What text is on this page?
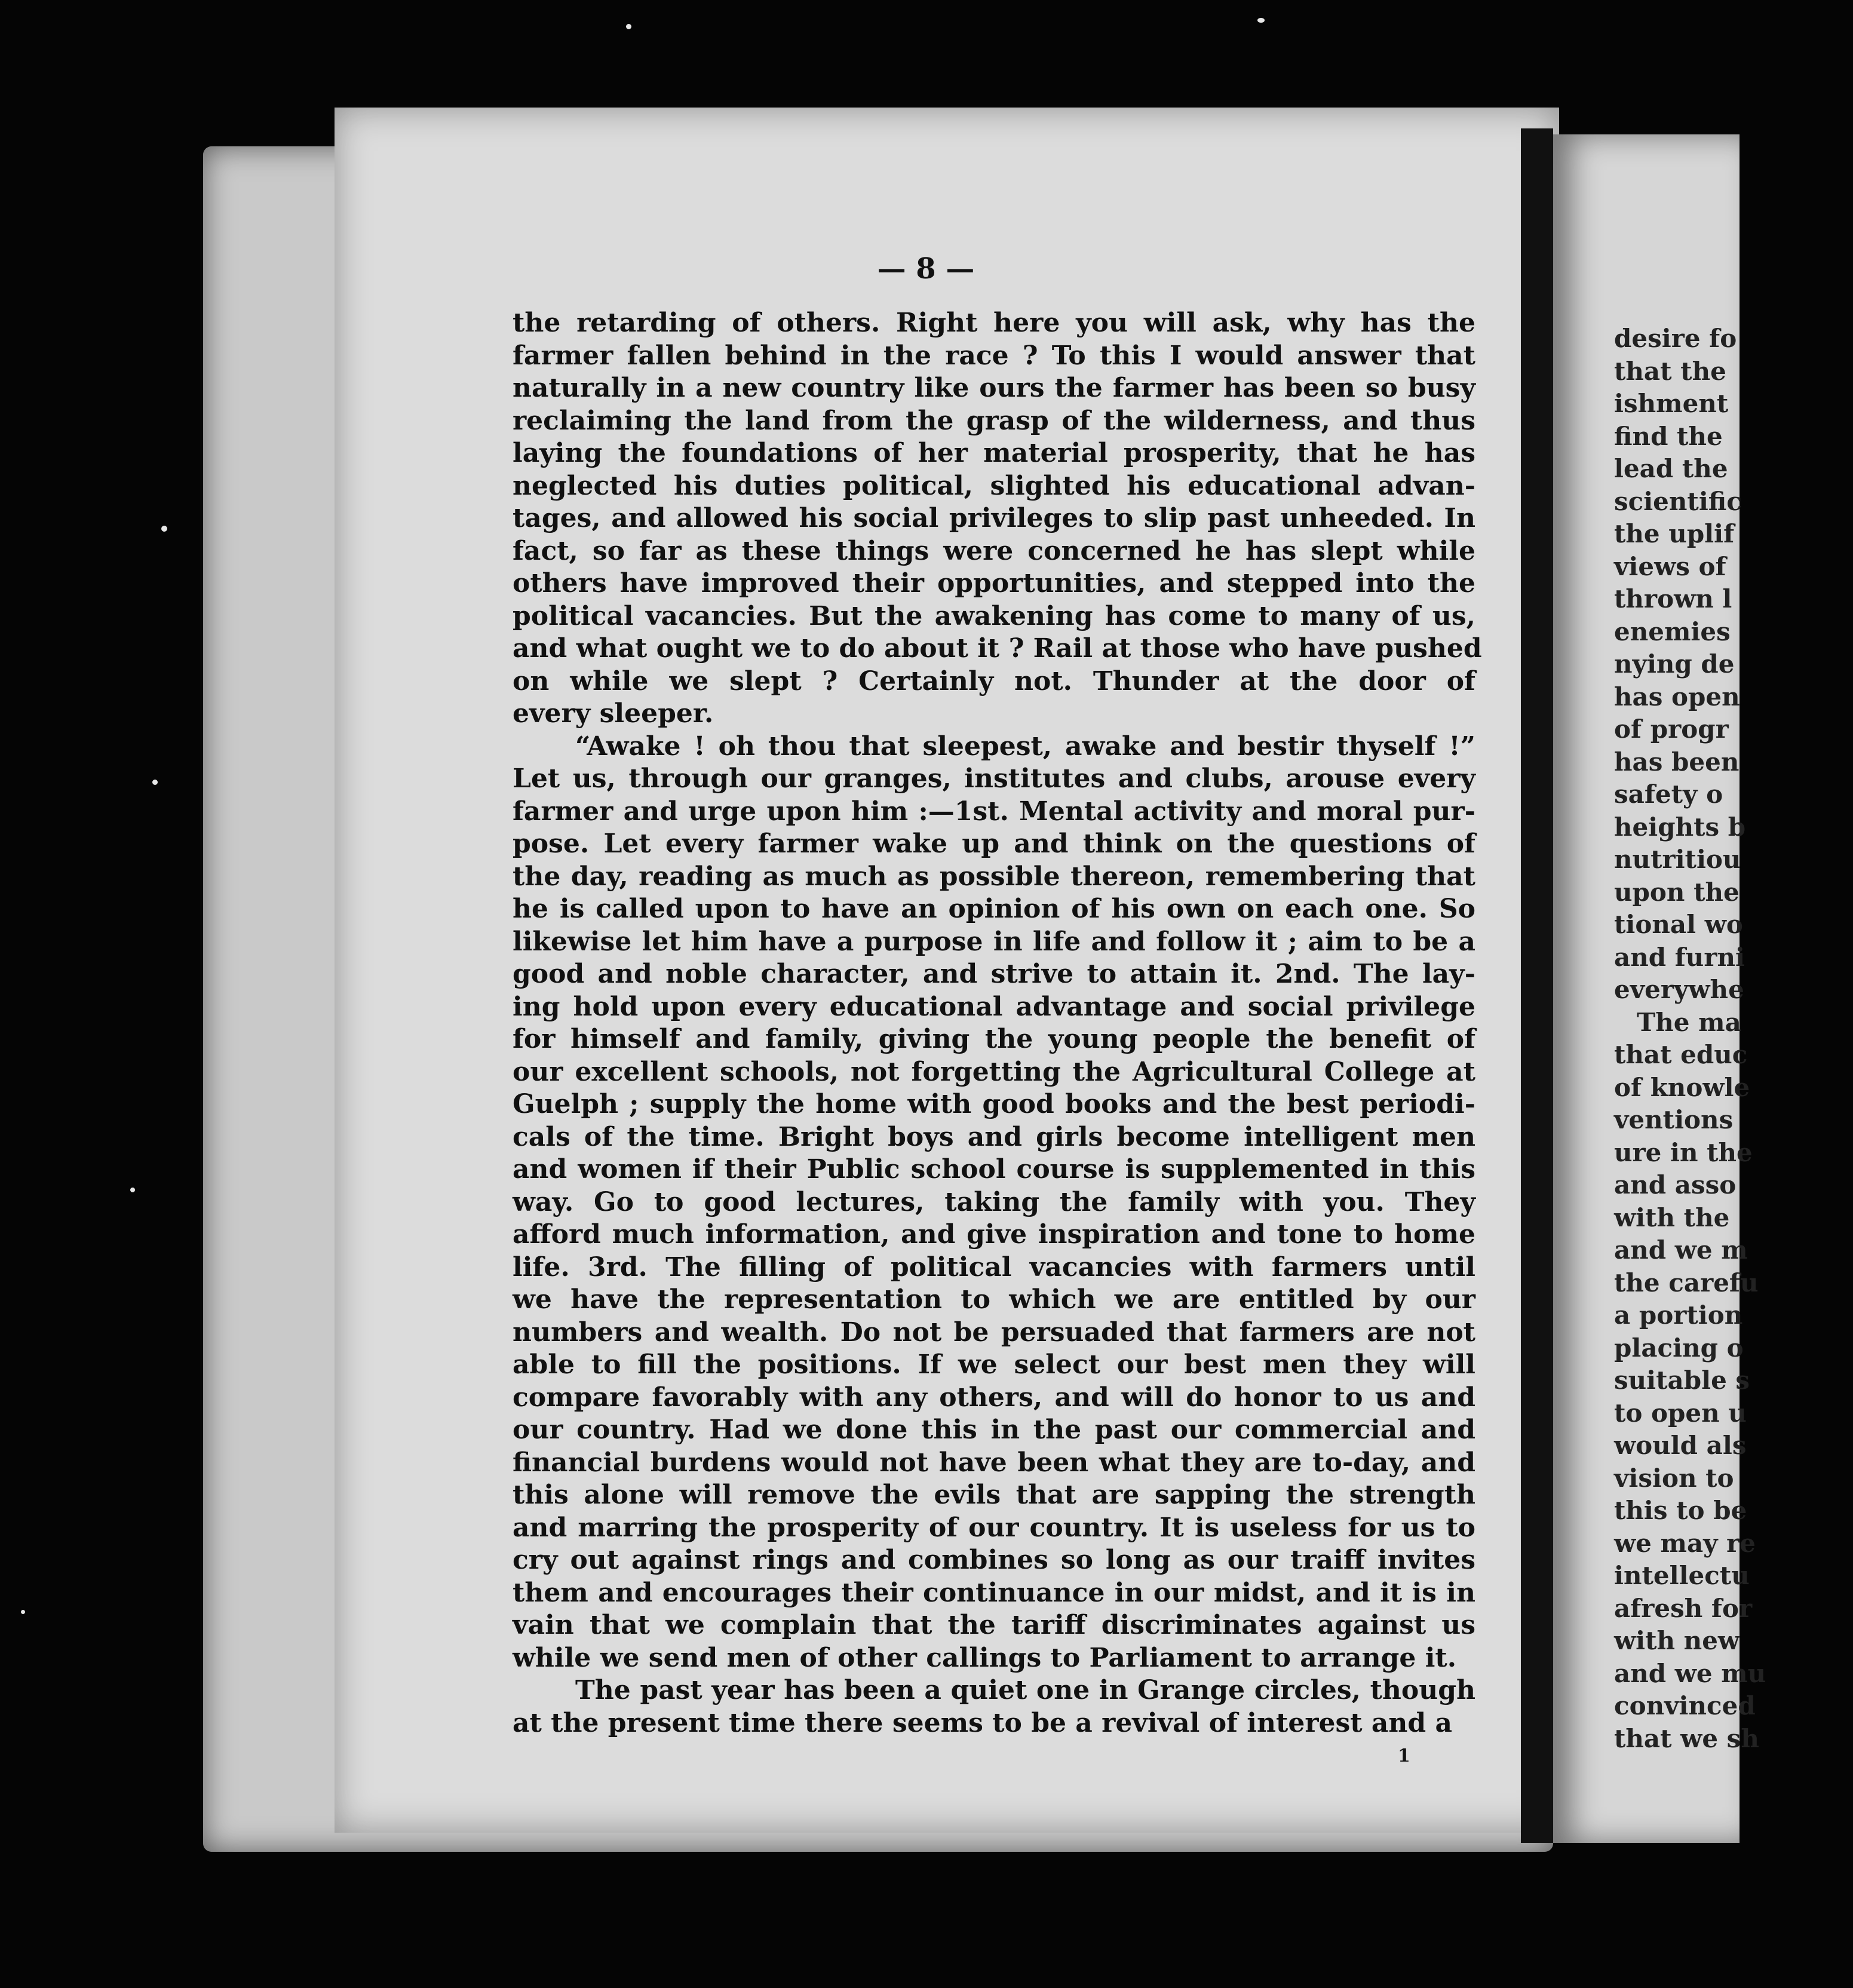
— 8 —
the retarding of others. Right here you will ask, why has the
farmer fallen behind in the race ? To this I would answer that
naturally in a new country like ours the farmer has been so busy
reclaiming the land from the grasp of the wilderness, and thus
laying the foundations of her material prosperity, that he has
neglected his duties political, slighted his educational advan-
tages, and allowed his social privileges to slip past unheeded. In
fact, so far as these things were concerned he has slept while
others have improved their opportunities, and stepped into the
political vacancies. But the awakening has come to many of us,
and what ought we to do about it ? Rail at those who have pushed
on while we slept ? Certainly not. Thunder at the door of
every sleeper.
“Awake ! oh thou that sleepest, awake and bestir thyself !”
Let us, through our granges, institutes and clubs, arouse every
farmer and urge upon him :—1st. Mental activity and moral pur-
pose. Let every farmer wake up and think on the questions of
the day, reading as much as possible thereon, remembering that
he is called upon to have an opinion of his own on each one. So
likewise let him have a purpose in life and follow it ; aim to be a
good and noble character, and strive to attain it. 2nd. The lay-
ing hold upon every educational advantage and social privilege
for himself and family, giving the young people the benefit of
our excellent schools, not forgetting the Agricultural College at
Guelph ; supply the home with good books and the best periodi-
cals of the time. Bright boys and girls become intelligent men
and women if their Public school course is supplemented in this
way. Go to good lectures, taking the family with you. They
afford much information, and give inspiration and tone to home
life. 3rd. The filling of political vacancies with farmers until
we have the representation to which we are entitled by our
numbers and wealth. Do not be persuaded that farmers are not
able to fill the positions. If we select our best men they will
compare favorably with any others, and will do honor to us and
our country. Had we done this in the past our commercial and
financial burdens would not have been what they are to-day, and
this alone will remove the evils that are sapping the strength
and marring the prosperity of our country. It is useless for us to
cry out against rings and combines so long as our traiff invites
them and encourages their continuance in our midst, and it is in
vain that we complain that the tariff discriminates against us
while we send men of other callings to Parliament to arrange it.
The past year has been a quiet one in Grange circles, though
at the present time there seems to be a revival of interest and a
desire fo
that the
ishment
find the
lead the
scientific
the uplif
views of
thrown l
enemies
nying de
has open
of progr
has been
safety o
heights b
nutritiou
upon the
tional wo
and furni
everywhe
The ma
that educ
of knowle
ventions
ure in the
and asso
with the
and we m
the carefu
a portion
placing o
suitable s
to open u
would als
vision to
this to be
we may re
intellectu
afresh for
with new
and we mu
convinced
that we sh
1
